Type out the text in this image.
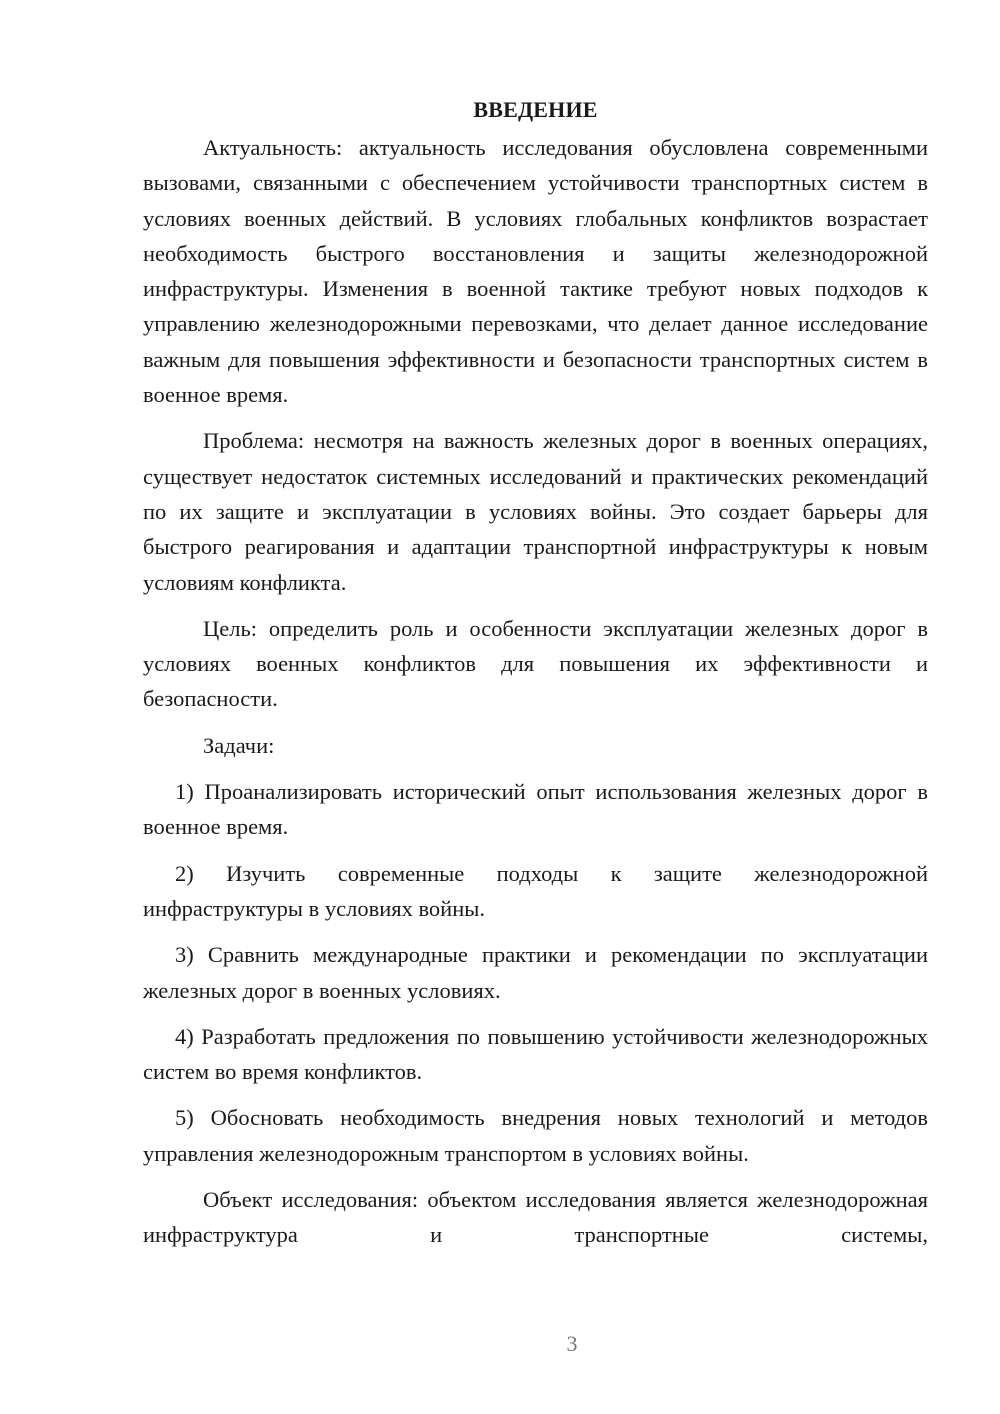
ВВЕДЕНИЕ

Актуальность: актуальность исследования обусловлена современными вызовами, связанными с обеспечением устойчивости транспортных систем в условиях военных действий. В условиях глобальных конфликтов возрастает необходимость быстрого восстановления и защиты железнодорожной инфраструктуры. Изменения в военной тактике требуют новых подходов к управлению железнодорожными перевозками, что делает данное исследование важным для повышения эффективности и безопасности транспортных систем в военное время.

Проблема: несмотря на важность железных дорог в военных операциях, существует недостаток системных исследований и практических рекомендаций по их защите и эксплуатации в условиях войны. Это создает барьеры для быстрого реагирования и адаптации транспортной инфраструктуры к новым условиям конфликта.

Цель: определить роль и особенности эксплуатации железных дорог в условиях военных конфликтов для повышения их эффективности и безопасности.

Задачи:

1) Проанализировать исторический опыт использования железных дорог в военное время.

2) Изучить современные подходы к защите железнодорожной инфраструктуры в условиях войны.

3) Сравнить международные практики и рекомендации по эксплуатации железных дорог в военных условиях.

4) Разработать предложения по повышению устойчивости железнодорожных систем во время конфликтов.

5) Обосновать необходимость внедрения новых технологий и методов управления железнодорожным транспортом в условиях войны.

Объект исследования: объектом исследования является железнодорожная инфраструктура и транспортные системы,

3
